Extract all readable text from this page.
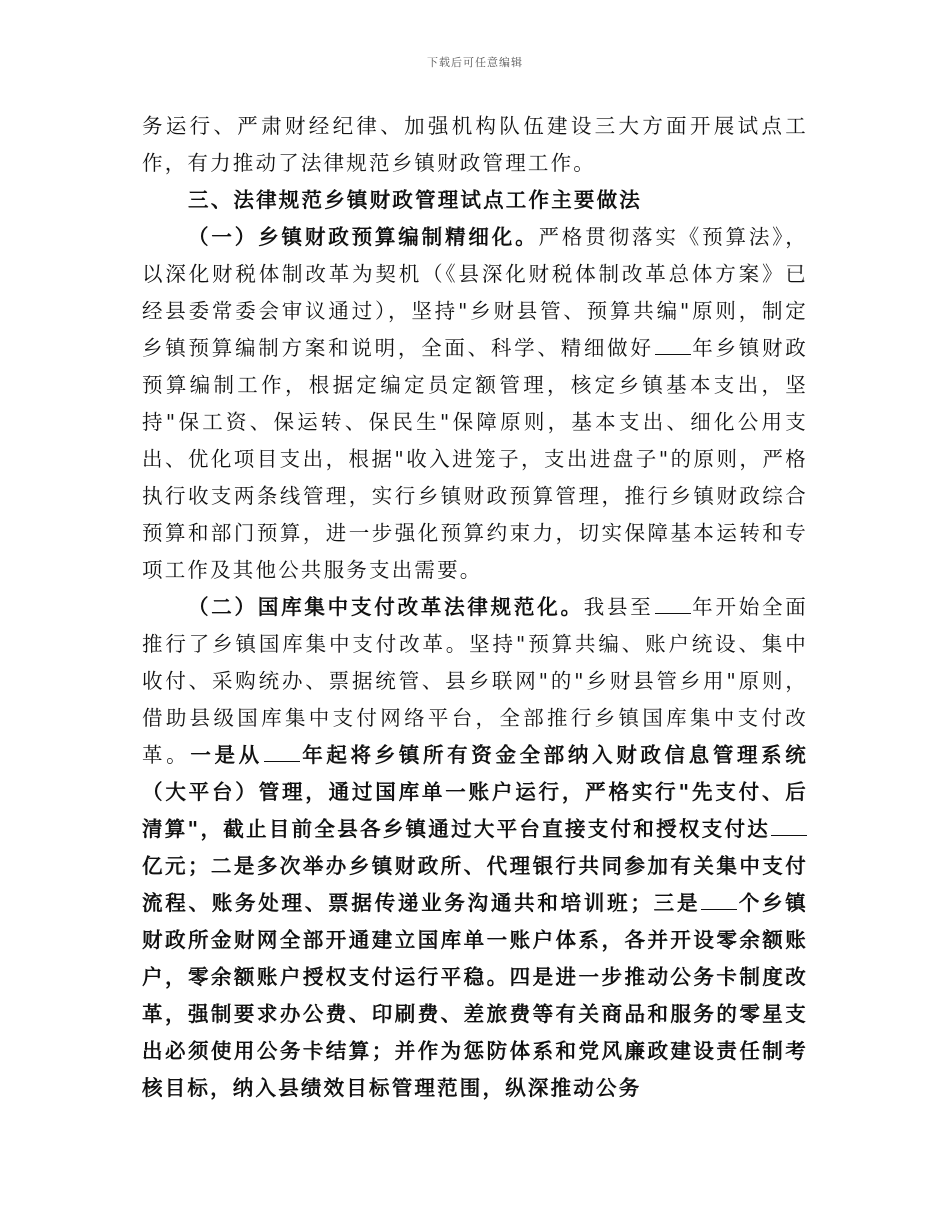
下载后可任意编辑

务运行、严肃财经纪律、加强机构队伍建设三大方面开展试点工作，有力推动了法律规范乡镇财政管理工作。

三、法律规范乡镇财政管理试点工作主要做法

（一）乡镇财政预算编制精细化。严格贯彻落实《预算法》，以深化财税体制改革为契机（《县深化财税体制改革总体方案》已经县委常委会审议通过），坚持"乡财县管、预算共编"原则，制定乡镇预算编制方案和说明，全面、科学、精细做好 年乡镇财政预算编制工作，根据定编定员定额管理，核定乡镇基本支出，坚持"保工资、保运转、保民生"保障原则，基本支出、细化公用支出、优化项目支出，根据"收入进笼子，支出进盘子"的原则，严格执行收支两条线管理，实行乡镇财政预算管理，推行乡镇财政综合预算和部门预算，进一步强化预算约束力，切实保障基本运转和专项工作及其他公共服务支出需要。

（二）国库集中支付改革法律规范化。我县至 年开始全面推行了乡镇国库集中支付改革。坚持"预算共编、账户统设、集中收付、采购统办、票据统管、县乡联网"的"乡财县管乡用"原则，借助县级国库集中支付网络平台，全部推行乡镇国库集中支付改革。一是从 年起将乡镇所有资金全部纳入财政信息管理系统（大平台）管理，通过国库单一账户运行，严格实行"先支付、后清算"，截止目前全县各乡镇通过大平台直接支付和授权支付达亿元；二是多次举办乡镇财政所、代理银行共同参加有关集中支付流程、账务处理、票据传递业务沟通共和培训班；三是 个乡镇财政所金财网全部开通建立国库单一账户体系，各并开设零余额账户，零余额账户授权支付运行平稳。四是进一步推动公务卡制度改革，强制要求办公费、印刷费、差旅费等有关商品和服务的零星支出必须使用公务卡结算；并作为惩防体系和党风廉政建设责任制考核目标，纳入县绩效目标管理范围，纵深推动公务
